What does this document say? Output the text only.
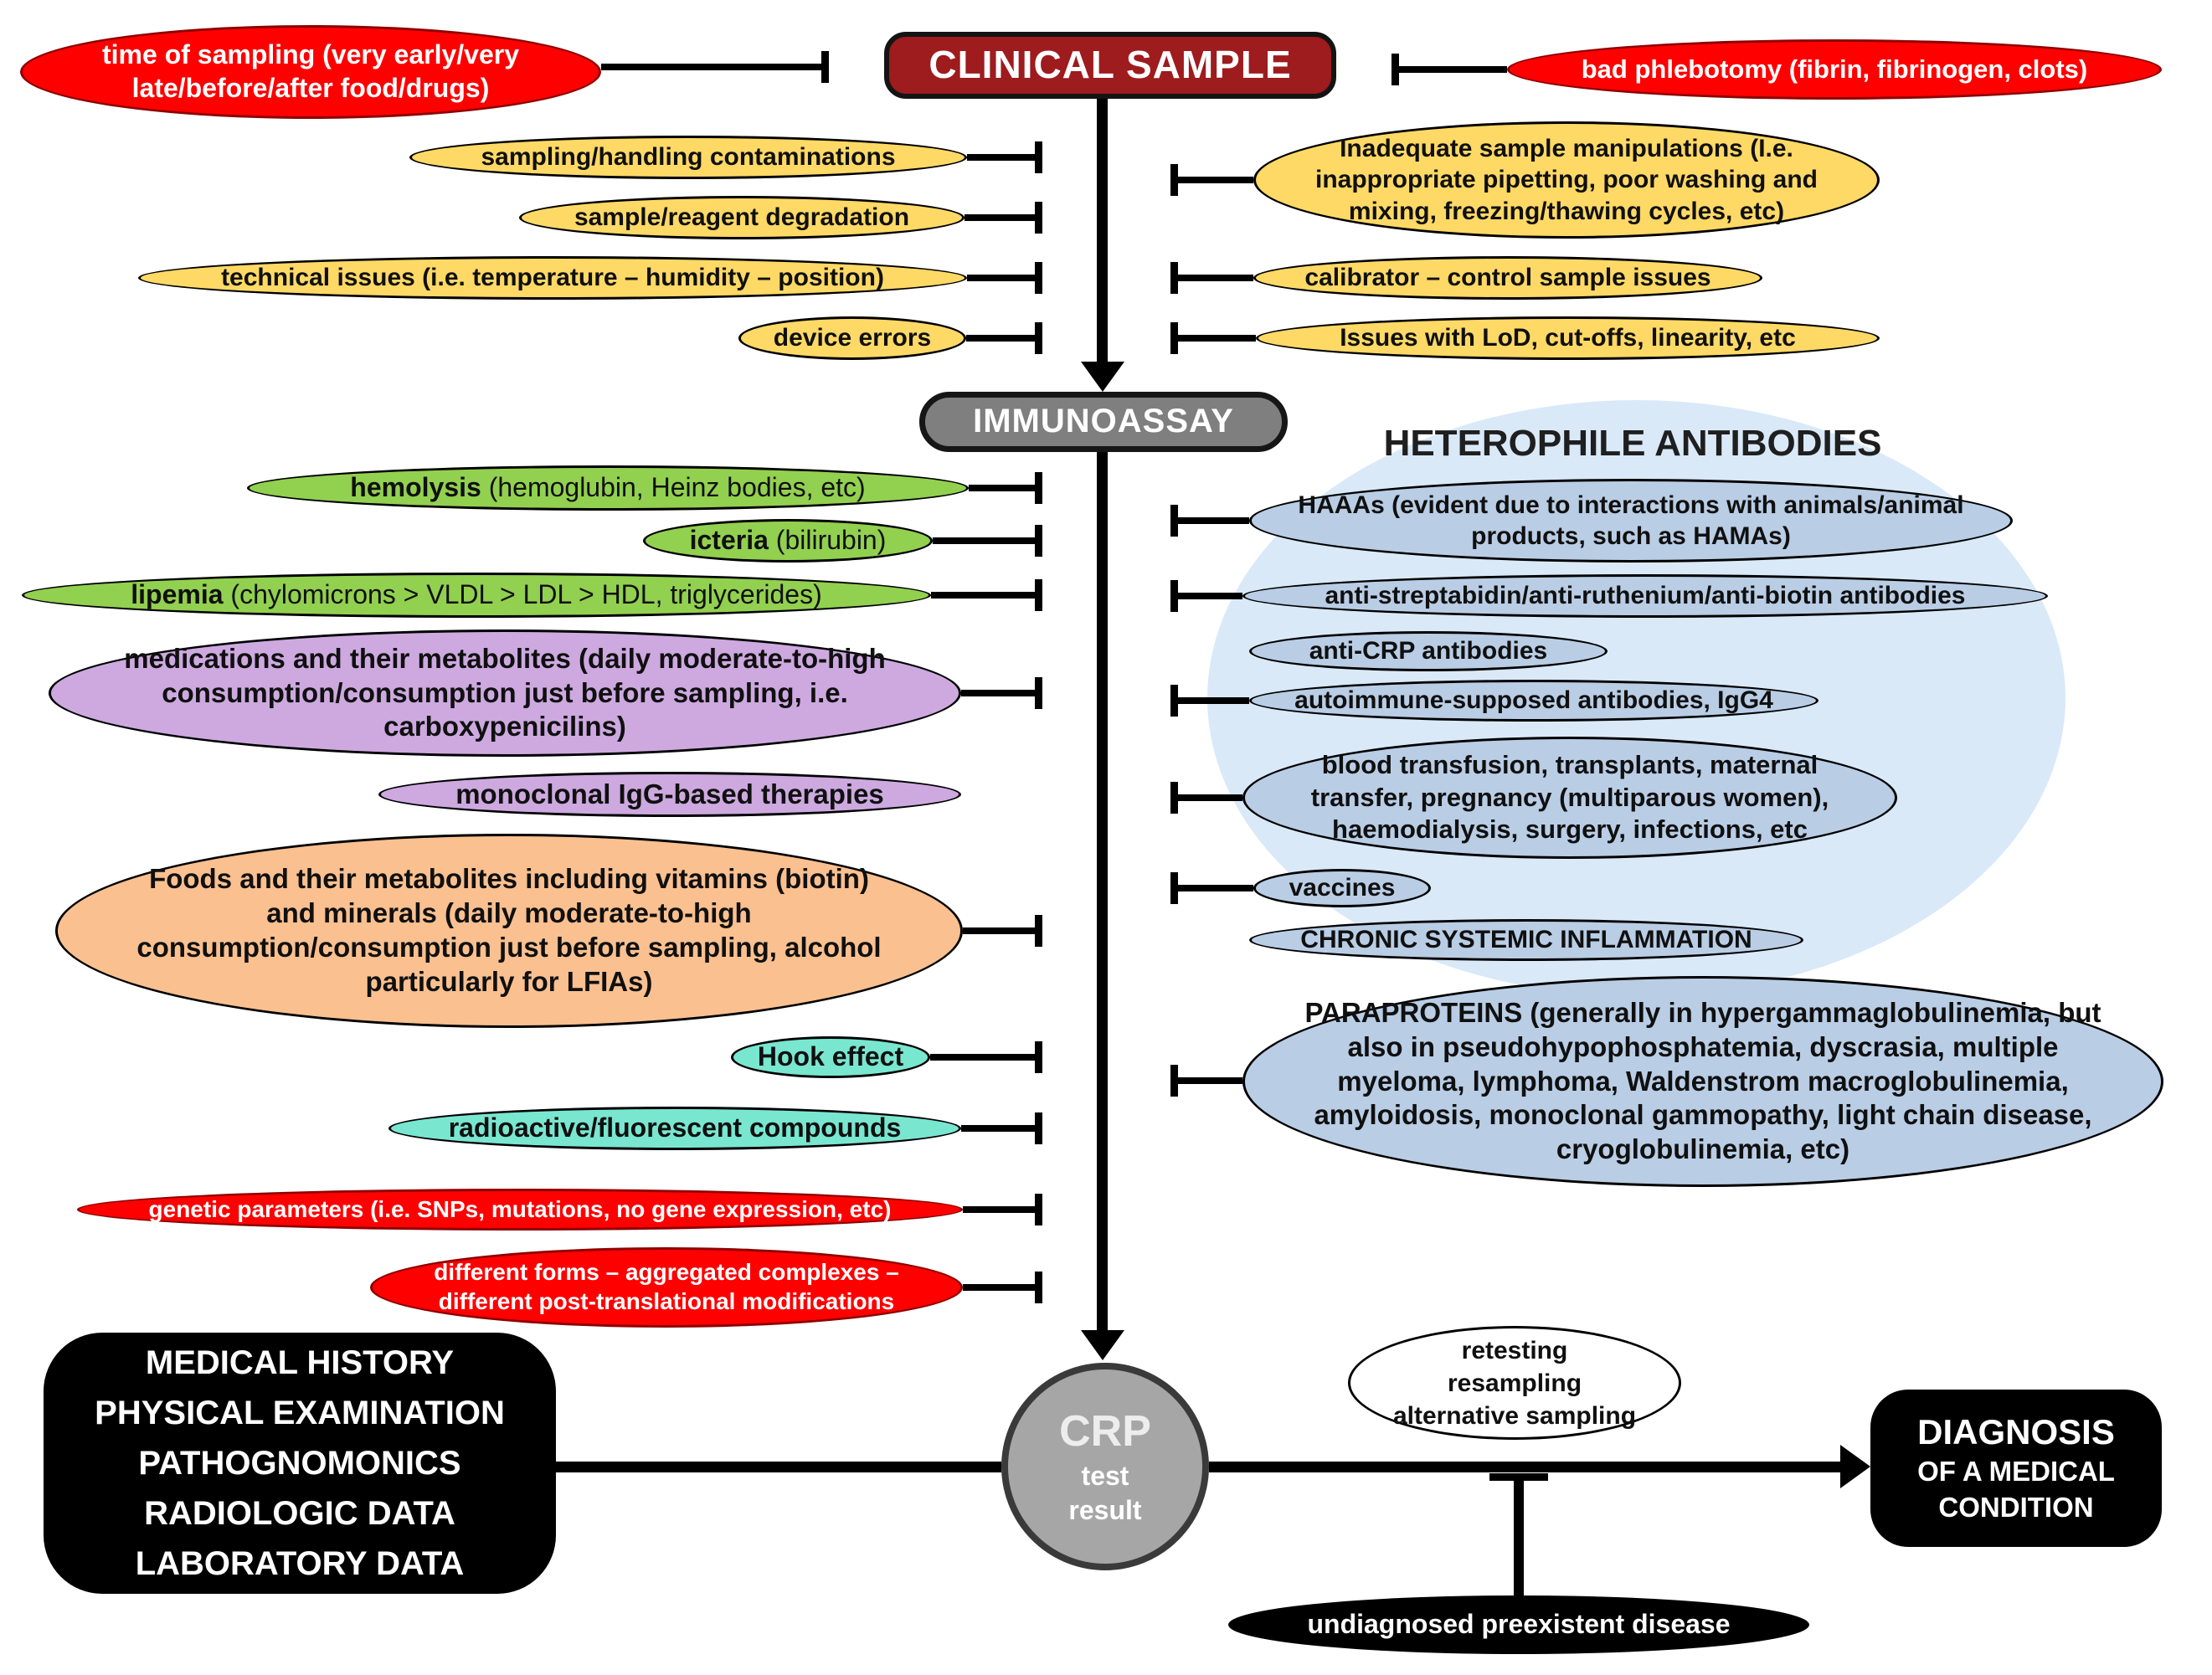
HETEROPHILE ANTIBODIES
time of sampling (very early/very late/before/after food/drugs)
CLINICAL SAMPLE	bad phlebotomy (fibrin, fibrinogen, clots)
sampling/handling contaminations
sample/reagent degradation
technical issues (i.e. temperature – humidity – position)
device errors
Inadequate sample manipulations (I.e. inappropriate pipetting, poor washing and mixing, freezing/thawing cycles, etc)
calibrator – control sample issues
Issues with LoD, cut-offs, linearity, etc
IMMUNOASSAY
hemolysis (hemoglubin, Heinz bodies, etc)
icteria (bilirubin)
lipemia (chylomicrons > VLDL > LDL > HDL, triglycerides)
medications and their metabolites (daily moderate-to-high consumption/consumption just before sampling, i.e. carboxypenicilins)
monoclonal IgG-based therapies
Foods and their metabolites including vitamins (biotin) and minerals (daily moderate-to-high consumption/consumption just before sampling, alcohol particularly for LFIAs)
Hook effect
radioactive/fluorescent compounds
genetic parameters (i.e. SNPs, mutations, no gene expression, etc)
different forms – aggregated complexes – different post-translational modifications
HAAAs (evident due to interactions with animals/animal products, such as HAMAs)
anti-streptabidin/anti-ruthenium/anti-biotin antibodies
anti-CRP antibodies
autoimmune-supposed antibodies, IgG4
blood transfusion, transplants, maternal transfer, pregnancy (multiparous women), haemodialysis, surgery, infections, etc
vaccines
CHRONIC SYSTEMIC INFLAMMATION
PARAPROTEINS (generally in hypergammaglobulinemia, but also in pseudohypophosphatemia, dyscrasia, multiple myeloma, lymphoma, Waldenstrom macroglobulinemia, amyloidosis, monoclonal gammopathy, light chain disease, cryoglobulinemia, etc)
MEDICAL HISTORY
PHYSICAL EXAMINATION
PATHOGNOMONICS
RADIOLOGIC DATA
LABORATORY DATA
CRP
test result
retesting
resampling
alternative sampling	DIAGNOSIS
OF A MEDICAL CONDITION
undiagnosed preexistent disease
